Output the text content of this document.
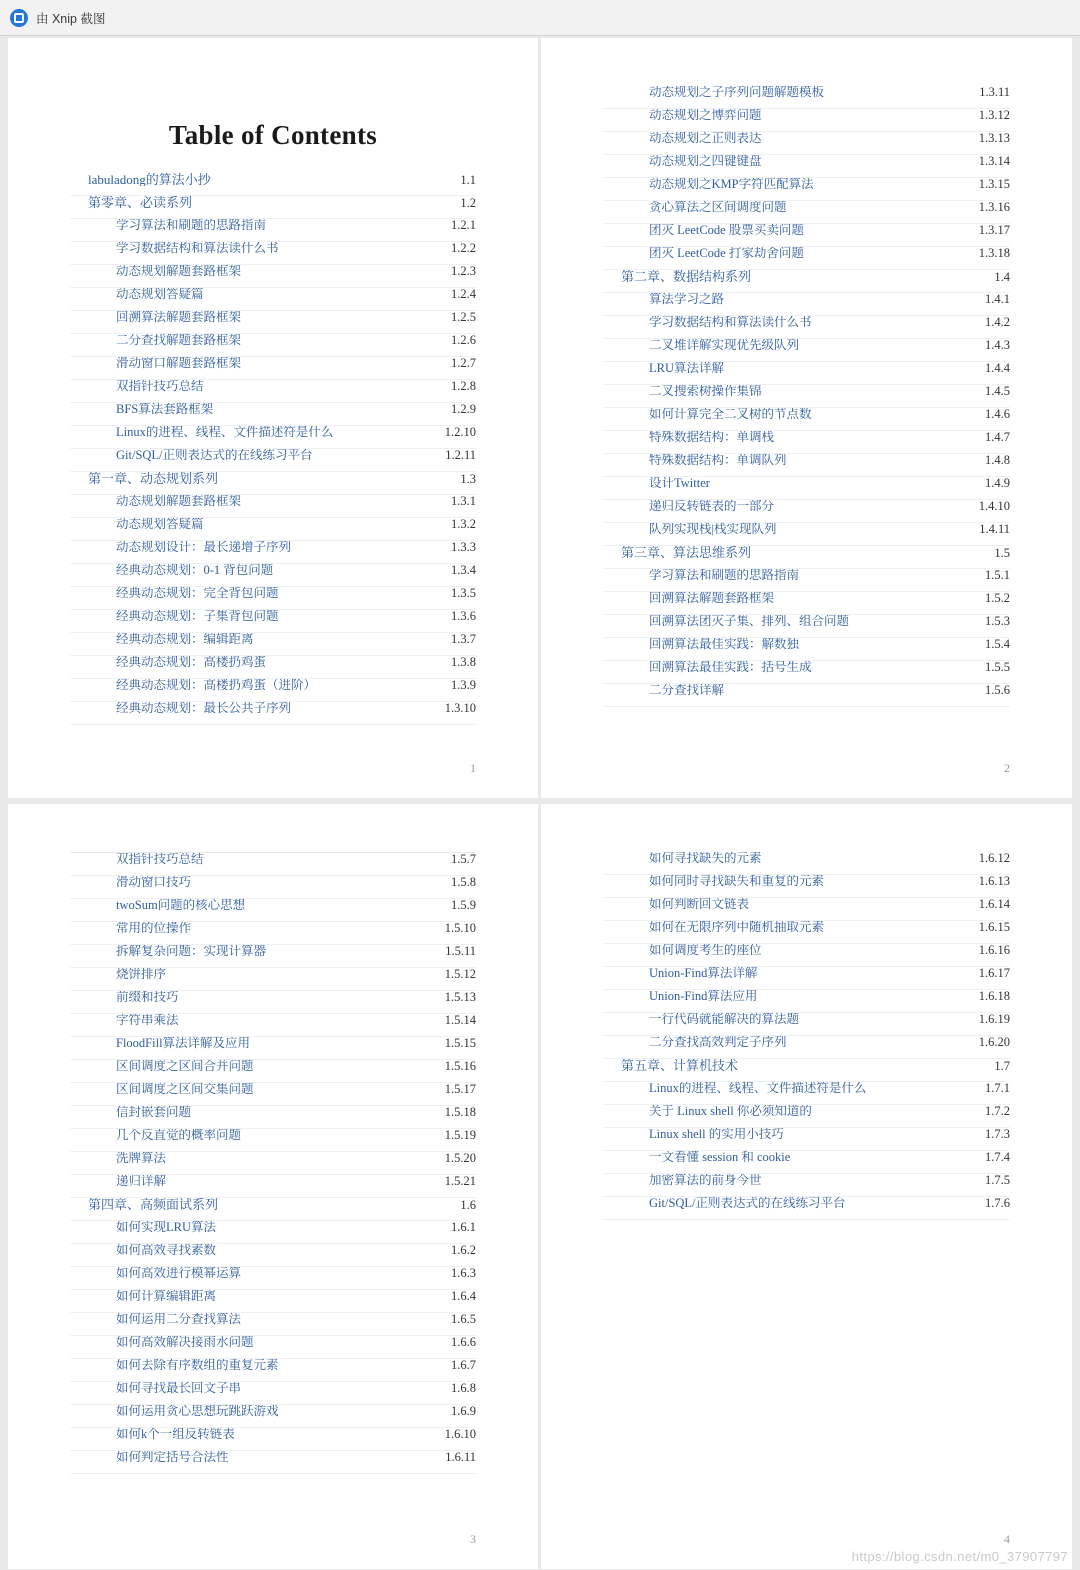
由 Xnip 截图
Table of Contents
labuladong的算法小抄	1.1
第零章、必读系列	1.2
学习算法和刷题的思路指南	1.2.1
学习数据结构和算法读什么书	1.2.2
动态规划解题套路框架	1.2.3
动态规划答疑篇	1.2.4
回溯算法解题套路框架	1.2.5
二分查找解题套路框架	1.2.6
滑动窗口解题套路框架	1.2.7
双指针技巧总结	1.2.8
BFS算法套路框架	1.2.9
Linux的进程、线程、文件描述符是什么	1.2.10
Git/SQL/正则表达式的在线练习平台	1.2.11
第一章、动态规划系列	1.3
动态规划解题套路框架	1.3.1
动态规划答疑篇	1.3.2
动态规划设计：最长递增子序列	1.3.3
经典动态规划：0-1 背包问题	1.3.4
经典动态规划：完全背包问题	1.3.5
经典动态规划：子集背包问题	1.3.6
经典动态规划：编辑距离	1.3.7
经典动态规划：高楼扔鸡蛋	1.3.8
经典动态规划：高楼扔鸡蛋（进阶）	1.3.9
经典动态规划：最长公共子序列	1.3.10
1
动态规划之子序列问题解题模板	1.3.11
动态规划之博弈问题	1.3.12
动态规划之正则表达	1.3.13
动态规划之四键键盘	1.3.14
动态规划之KMP字符匹配算法	1.3.15
贪心算法之区间调度问题	1.3.16
团灭 LeetCode 股票买卖问题	1.3.17
团灭 LeetCode 打家劫舍问题	1.3.18
第二章、数据结构系列	1.4
算法学习之路	1.4.1
学习数据结构和算法读什么书	1.4.2
二叉堆详解实现优先级队列	1.4.3
LRU算法详解	1.4.4
二叉搜索树操作集锦	1.4.5
如何计算完全二叉树的节点数	1.4.6
特殊数据结构：单调栈	1.4.7
特殊数据结构：单调队列	1.4.8
设计Twitter	1.4.9
递归反转链表的一部分	1.4.10
队列实现栈|栈实现队列	1.4.11
第三章、算法思维系列	1.5
学习算法和刷题的思路指南	1.5.1
回溯算法解题套路框架	1.5.2
回溯算法团灭子集、排列、组合问题	1.5.3
回溯算法最佳实践：解数独	1.5.4
回溯算法最佳实践：括号生成	1.5.5
二分查找详解	1.5.6
2
双指针技巧总结	1.5.7
滑动窗口技巧	1.5.8
twoSum问题的核心思想	1.5.9
常用的位操作	1.5.10
拆解复杂问题：实现计算器	1.5.11
烧饼排序	1.5.12
前缀和技巧	1.5.13
字符串乘法	1.5.14
FloodFill算法详解及应用	1.5.15
区间调度之区间合并问题	1.5.16
区间调度之区间交集问题	1.5.17
信封嵌套问题	1.5.18
几个反直觉的概率问题	1.5.19
洗牌算法	1.5.20
递归详解	1.5.21
第四章、高频面试系列	1.6
如何实现LRU算法	1.6.1
如何高效寻找素数	1.6.2
如何高效进行模幂运算	1.6.3
如何计算编辑距离	1.6.4
如何运用二分查找算法	1.6.5
如何高效解决接雨水问题	1.6.6
如何去除有序数组的重复元素	1.6.7
如何寻找最长回文子串	1.6.8
如何运用贪心思想玩跳跃游戏	1.6.9
如何k个一组反转链表	1.6.10
如何判定括号合法性	1.6.11
3
如何寻找缺失的元素	1.6.12
如何同时寻找缺失和重复的元素	1.6.13
如何判断回文链表	1.6.14
如何在无限序列中随机抽取元素	1.6.15
如何调度考生的座位	1.6.16
Union-Find算法详解	1.6.17
Union-Find算法应用	1.6.18
一行代码就能解决的算法题	1.6.19
二分查找高效判定子序列	1.6.20
第五章、计算机技术	1.7
Linux的进程、线程、文件描述符是什么	1.7.1
关于 Linux shell 你必须知道的	1.7.2
Linux shell 的实用小技巧	1.7.3
一文看懂 session 和 cookie	1.7.4
加密算法的前身今世	1.7.5
Git/SQL/正则表达式的在线练习平台	1.7.6
4
https://blog.csdn.net/m0_37907797
